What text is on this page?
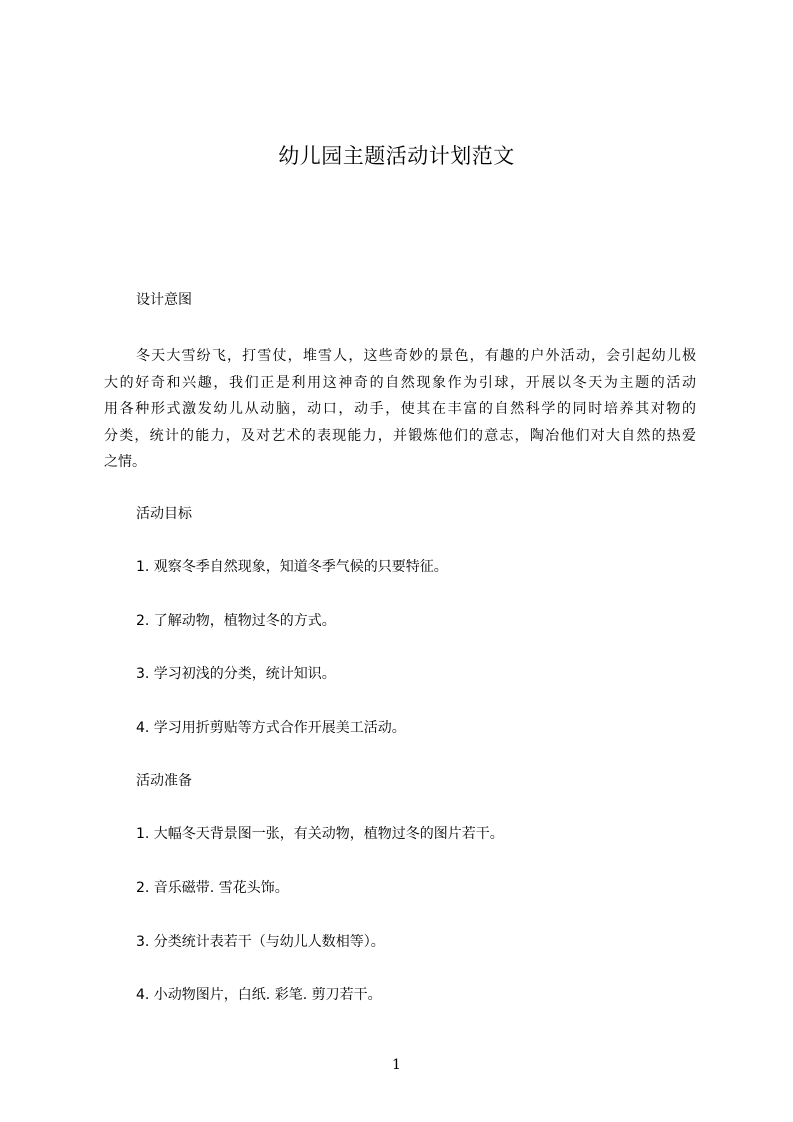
幼儿园主题活动计划范文
设计意图
冬天大雪纷飞，打雪仗，堆雪人，这些奇妙的景色，有趣的户外活动，会引起幼儿极
大的好奇和兴趣，我们正是利用这神奇的自然现象作为引球，开展以冬天为主题的活动
用各种形式激发幼儿从动脑，动口，动手，使其在丰富的自然科学的同时培养其对物的
分类，统计的能力，及对艺术的表现能力，并锻炼他们的意志，陶冶他们对大自然的热爱
之情。
活动目标
1. 观察冬季自然现象，知道冬季气候的只要特征。
2. 了解动物，植物过冬的方式。
3. 学习初浅的分类，统计知识。
4. 学习用折剪贴等方式合作开展美工活动。
活动准备
1. 大幅冬天背景图一张，有关动物，植物过冬的图片若干。
2. 音乐磁带. 雪花头饰。
3. 分类统计表若干（与幼儿人数相等）。
4. 小动物图片，白纸. 彩笔. 剪刀若干。
1
